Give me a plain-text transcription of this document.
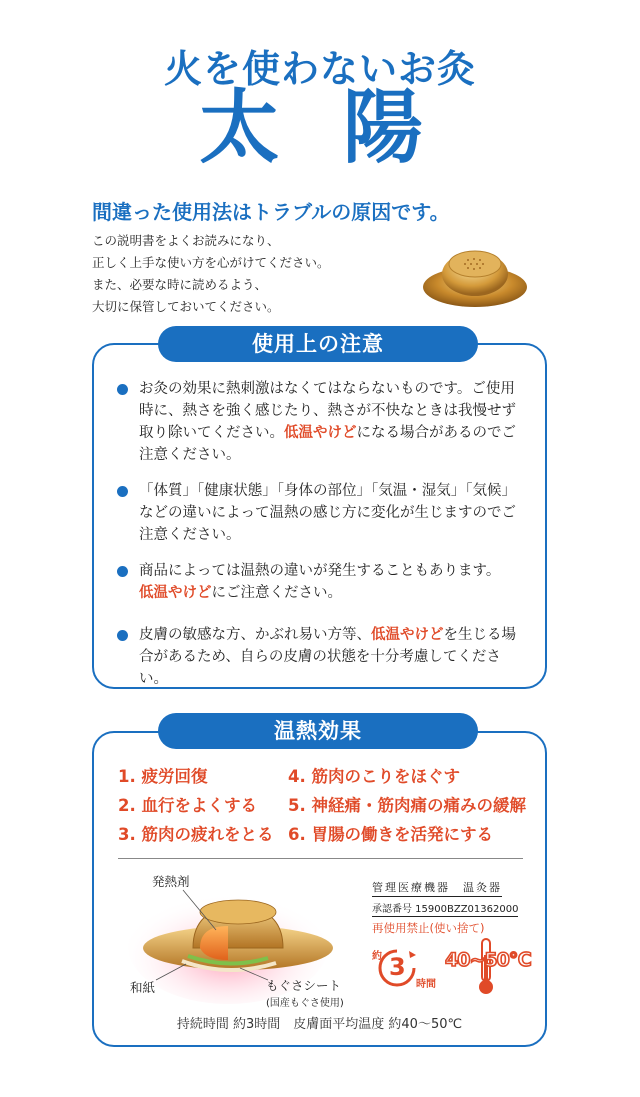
火を使わないお灸
太 陽
間違った使用法はトラブルの原因です。
この説明書をよくお読みになり、
正しく上手な使い方を心がけてください。
また、必要な時に読めるよう、
大切に保管しておいてください。
使用上の注意
お灸の効果に熱刺激はなくてはならないものです。ご使用時に、熱さを強く感じたり、熱さが不快なときは我慢せず取り除いてください。低温やけどになる場合があるのでご注意ください。
「体質」「健康状態」「身体の部位」「気温・湿気」「気候」などの違いによって温熱の感じ方に変化が生じますのでご注意ください。
商品によっては温熱の違いが発生することもあります。
低温やけどにご注意ください。
皮膚の敏感な方、かぶれ易い方等、低温やけどを生じる場合があるため、自らの皮膚の状態を十分考慮してください。
温熱効果
1. 疲労回復	4. 筋肉のこりをほぐす
2. 血行をよくする	5. 神経痛・筋肉痛の痛みの緩解
3. 筋肉の疲れをとる 6. 胃腸の働きを活発にする
発熱剤
和紙	もぐさシート
(国産もぐさ使用)
管理医療機器　温灸器
承認番号 15900BZZ01362000
再使用禁止(使い捨て)
約 3
時間
40~50℃
持続時間 約3時間　皮膚面平均温度 約40〜50℃
